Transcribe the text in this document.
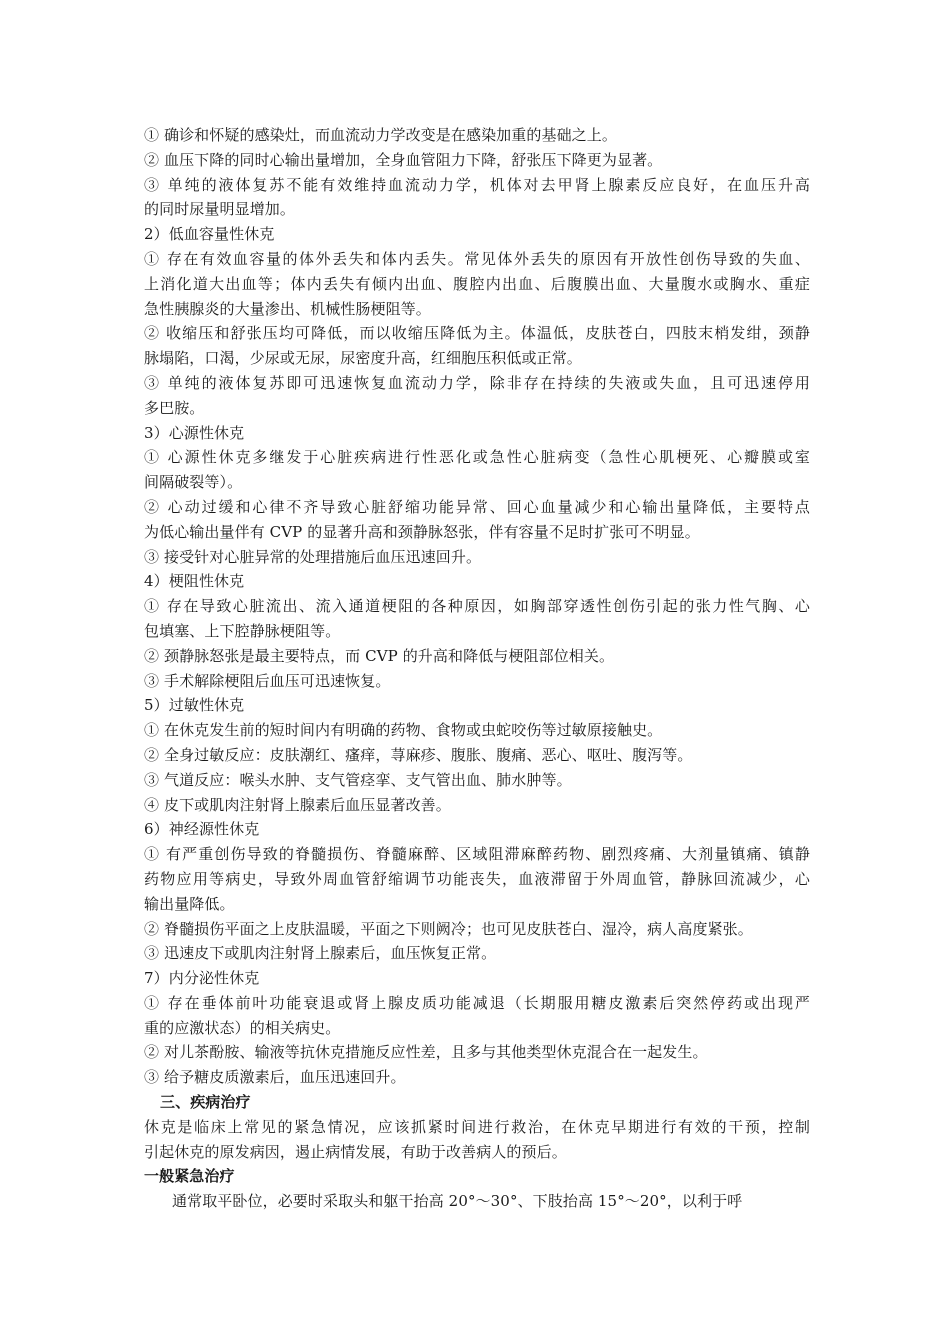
① 确诊和怀疑的感染灶，而血流动力学改变是在感染加重的基础之上。
② 血压下降的同时心输出量增加，全身血管阻力下降，舒张压下降更为显著。
③ 单纯的液体复苏不能有效维持血流动力学，机体对去甲肾上腺素反应良好，在血压升高
的同时尿量明显增加。
2）低血容量性休克
① 存在有效血容量的体外丢失和体内丢失。常见体外丢失的原因有开放性创伤导致的失血、
上消化道大出血等；体内丢失有倾内出血、腹腔内出血、后腹膜出血、大量腹水或胸水、重症
急性胰腺炎的大量渗出、机械性肠梗阻等。
② 收缩压和舒张压均可降低，而以收缩压降低为主。体温低，皮肤苍白，四肢末梢发绀，颈静
脉塌陷，口渴，少尿或无尿，尿密度升高，红细胞压积低或正常。
③ 单纯的液体复苏即可迅速恢复血流动力学，除非存在持续的失液或失血，且可迅速停用
多巴胺。
3）心源性休克
① 心源性休克多继发于心脏疾病进行性恶化或急性心脏病变（急性心肌梗死、心瓣膜或室
间隔破裂等）。
② 心动过缓和心律不齐导致心脏舒缩功能异常、回心血量减少和心输出量降低，主要特点
为低心输出量伴有 CVP 的显著升高和颈静脉怒张，伴有容量不足时扩张可不明显。
③ 接受针对心脏异常的处理措施后血压迅速回升。
4）梗阻性休克
① 存在导致心脏流出、流入通道梗阻的各种原因，如胸部穿透性创伤引起的张力性气胸、心
包填塞、上下腔静脉梗阻等。
② 颈静脉怒张是最主要特点，而 CVP 的升高和降低与梗阻部位相关。
③ 手术解除梗阻后血压可迅速恢复。
5）过敏性休克
① 在休克发生前的短时间内有明确的药物、食物或虫蛇咬伤等过敏原接触史。
② 全身过敏反应：皮肤潮红、瘙痒，荨麻疹、腹胀、腹痛、恶心、呕吐、腹泻等。
③ 气道反应：喉头水肿、支气管痉挛、支气管出血、肺水肿等。
④ 皮下或肌肉注射肾上腺素后血压显著改善。
6）神经源性休克
① 有严重创伤导致的脊髓损伤、脊髓麻醉、区域阻滞麻醉药物、剧烈疼痛、大剂量镇痛、镇静
药物应用等病史，导致外周血管舒缩调节功能丧失，血液滞留于外周血管，静脉回流减少，心
输出量降低。
② 脊髓损伤平面之上皮肤温暖，平面之下则阙冷；也可见皮肤苍白、湿冷，病人高度紧张。
③ 迅速皮下或肌肉注射肾上腺素后，血压恢复正常。
7）内分泌性休克
① 存在垂体前叶功能衰退或肾上腺皮质功能减退（长期服用糖皮激素后突然停药或出现严
重的应激状态）的相关病史。
② 对儿茶酚胺、输液等抗休克措施反应性差，且多与其他类型休克混合在一起发生。
③ 给予糖皮质激素后，血压迅速回升。
三、疾病治疗
休克是临床上常见的紧急情况，应该抓紧时间进行救治，在休克早期进行有效的干预，控制
引起休克的原发病因，遏止病情发展，有助于改善病人的预后。
一般紧急治疗
通常取平卧位，必要时采取头和躯干抬高 20°～30°、下肢抬高 15°～20°，以利于呼
